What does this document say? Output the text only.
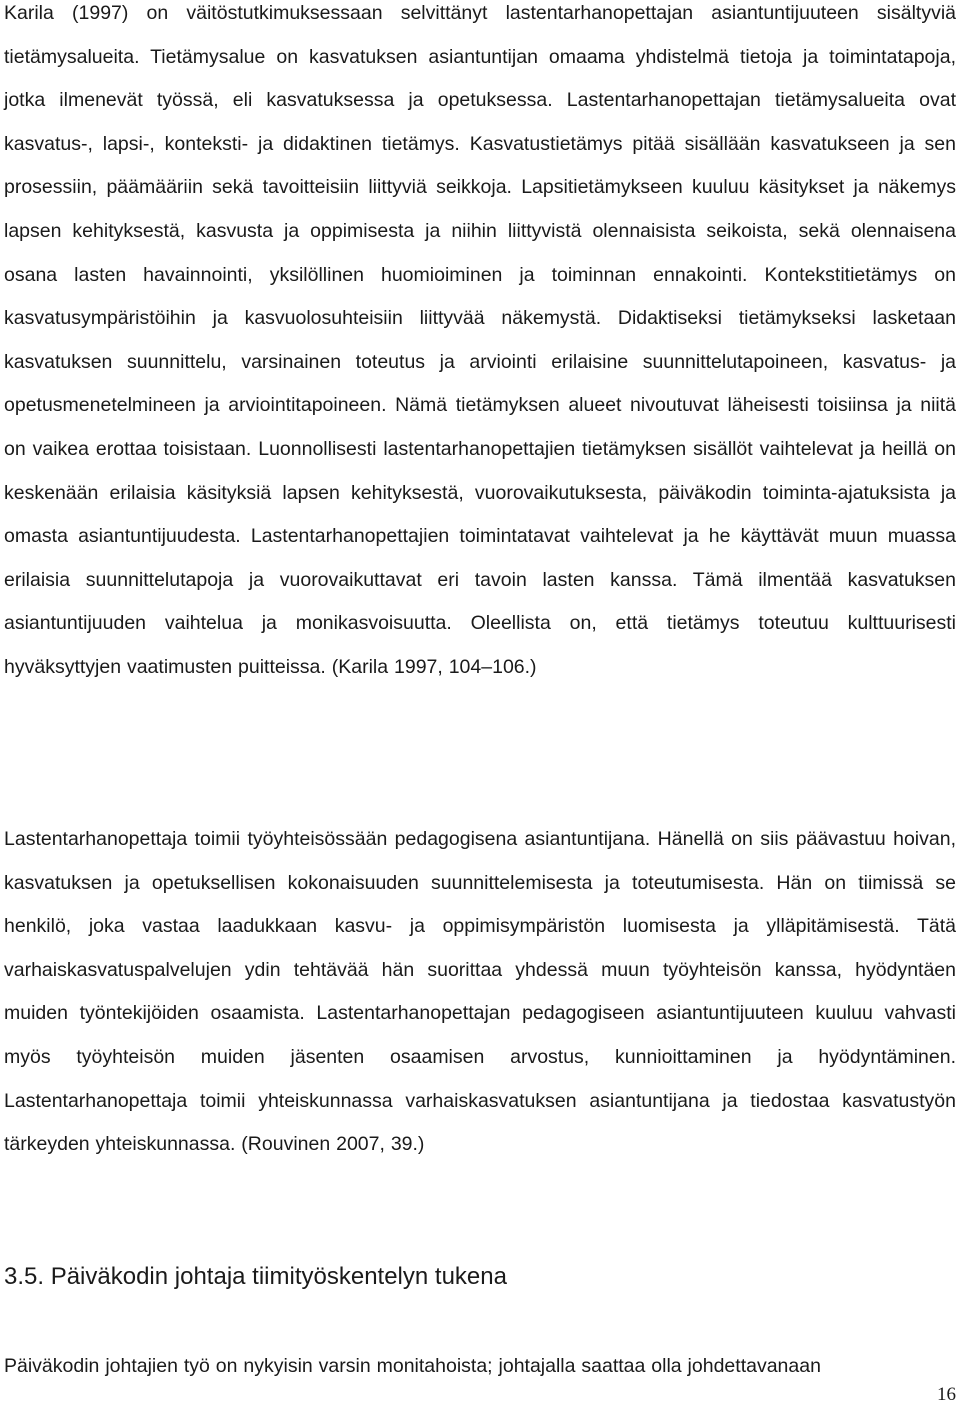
Karila (1997) on väitöstutkimuksessaan selvittänyt lastentarhanopettajan asiantuntijuuteen sisältyviä tietämysalueita. Tietämysalue on kasvatuksen asiantuntijan omaama yhdistelmä tietoja ja toimintatapoja, jotka ilmenevät työssä, eli kasvatuksessa ja opetuksessa. Lastentarhanopettajan tietämysalueita ovat kasvatus-, lapsi-, konteksti- ja didaktinen tietämys. Kasvatustietämys pitää sisällään kasvatukseen ja sen prosessiin, päämääriin sekä tavoitteisiin liittyviä seikkoja. Lapsitietämykseen kuuluu käsitykset ja näkemys lapsen kehityksestä, kasvusta ja oppimisesta ja niihin liittyvistä olennaisista seikoista, sekä olennaisena osana lasten havainnointi, yksilöllinen huomioiminen ja toiminnan ennakointi. Kontekstitietämys on kasvatusympäristöihin ja kasvuolosuhteisiin liittyvää näkemystä. Didaktiseksi tietämykseksi lasketaan kasvatuksen suunnittelu, varsinainen toteutus ja arviointi erilaisine suunnittelutapoineen, kasvatus- ja opetusmenetelmineen ja arviointitapoineen. Nämä tietämyksen alueet nivoutuvat läheisesti toisiinsa ja niitä on vaikea erottaa toisistaan. Luonnollisesti lastentarhanopettajien tietämyksen sisällöt vaihtelevat ja heillä on keskenään erilaisia käsityksiä lapsen kehityksestä, vuorovaikutuksesta, päiväkodin toiminta-ajatuksista ja omasta asiantuntijuudesta. Lastentarhanopettajien toimintatavat vaihtelevat ja he käyttävät muun muassa erilaisia suunnittelutapoja ja vuorovaikuttavat eri tavoin lasten kanssa. Tämä ilmentää kasvatuksen asiantuntijuuden vaihtelua ja monikasvoisuutta. Oleellista on, että tietämys toteutuu kulttuurisesti hyväksyttyjen vaatimusten puitteissa. (Karila 1997, 104–106.)

Lastentarhanopettaja toimii työyhteisössään pedagogisena asiantuntijana. Hänellä on siis päävastuu hoivan, kasvatuksen ja opetuksellisen kokonaisuuden suunnittelemisesta ja toteutumisesta. Hän on tiimissä se henkilö, joka vastaa laadukkaan kasvu- ja oppimisympäristön luomisesta ja ylläpitämisestä. Tätä varhaiskasvatuspalvelujen ydin tehtävää hän suorittaa yhdessä muun työyhteisön kanssa, hyödyntäen muiden työntekijöiden osaamista. Lastentarhanopettajan pedagogiseen asiantuntijuuteen kuuluu vahvasti myös työyhteisön muiden jäsenten osaamisen arvostus, kunnioittaminen ja hyödyntäminen. Lastentarhanopettaja toimii yhteiskunnassa varhaiskasvatuksen asiantuntijana ja tiedostaa kasvatustyön tärkeyden yhteiskunnassa. (Rouvinen 2007, 39.)

3.5. Päiväkodin johtaja tiimityöskentelyn tukena

Päiväkodin johtajien työ on nykyisin varsin monitahoista; johtajalla saattaa olla johdettavanaan

16
